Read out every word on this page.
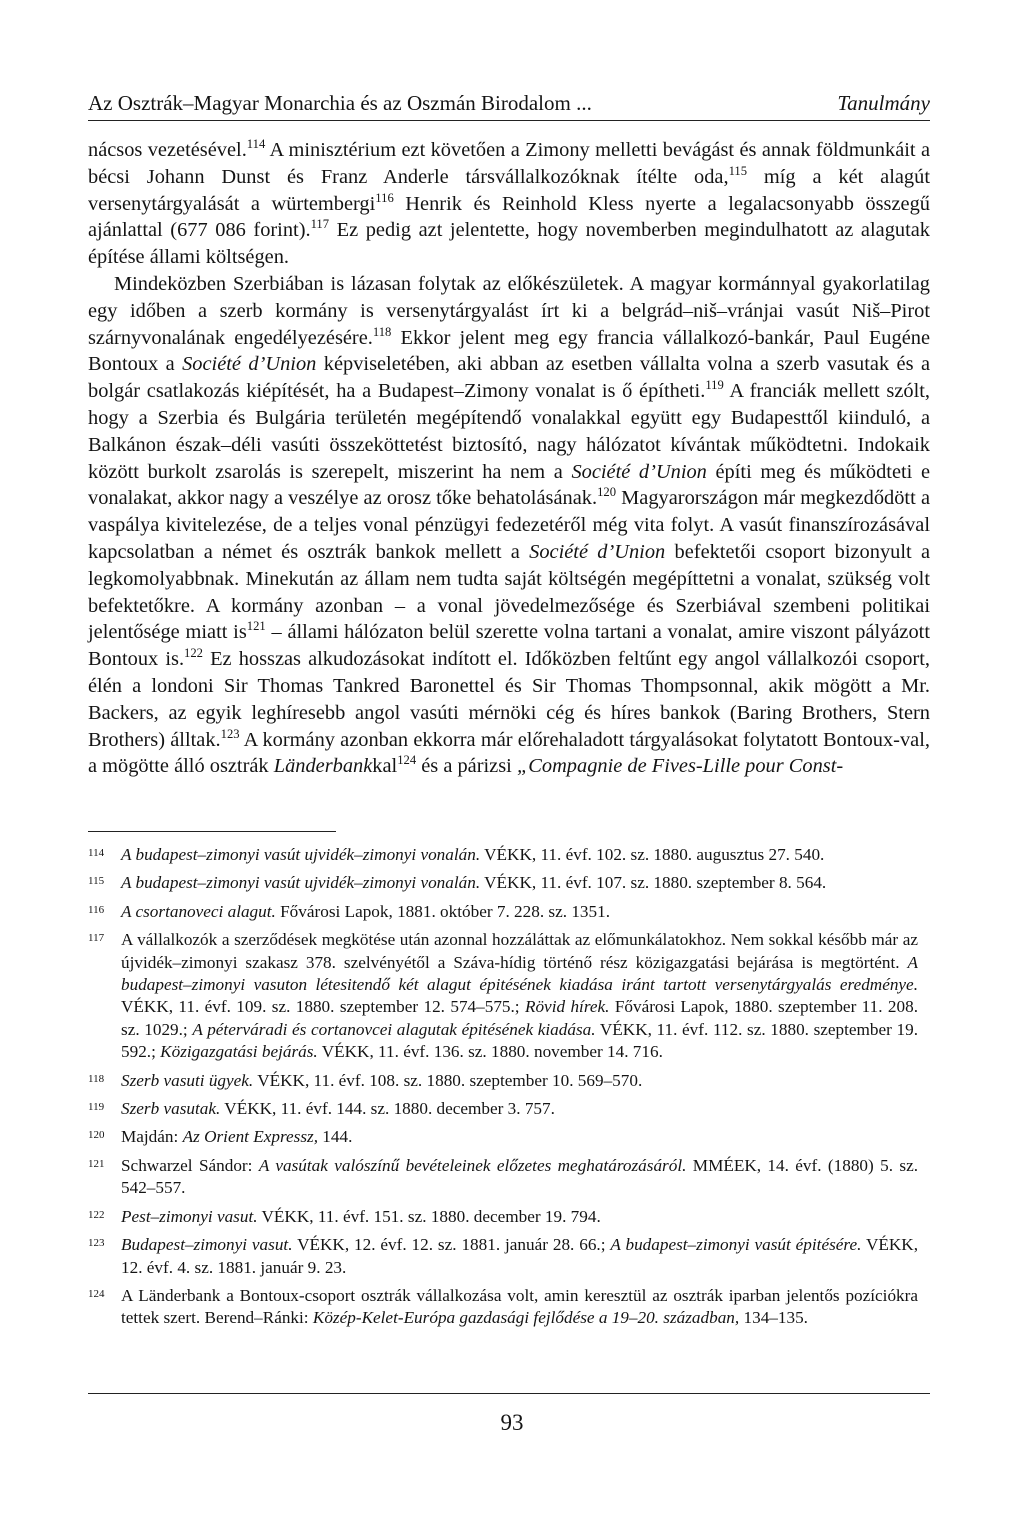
Az Osztrák–Magyar Monarchia és az Oszmán Birodalom ...	Tanulmány

nácsos vezetésével.$^{114}$ A minisztérium ezt követően a Zimony melletti bevágást és annak földmunkáit a bécsi Johann Dunst és Franz Anderle társvállalkozóknak ítélte oda,$^{115}$ míg a két alagút versenytárgyalását a würtembergi$^{116}$ Henrik és Reinhold Kless nyerte a legalacsonyabb összegű ajánlattal (677 086 forint).$^{117}$ Ez pedig azt jelentette, hogy novemberben megindulhatott az alagutak építése állami költségen.

Mindeközben Szerbiában is lázasan folytak az előkészületek. A magyar kormánnyal gyakorlatilag egy időben a szerb kormány is versenytárgyalást írt ki a belgrád–niš–vránjai vasút Niš–Pirot szárnyvonalának engedélyezésére.$^{118}$ Ekkor jelent meg egy francia vállalkozó-bankár, Paul Eugéne Bontoux a Société d’Union képviseletében, aki abban az esetben vállalta volna a szerb vasutak és a bolgár csatlakozás kiépítését, ha a Budapest–Zimony vonalat is ő építheti.$^{119}$ A franciák mellett szólt, hogy a Szerbia és Bulgária területén megépítendő vonalakkal együtt egy Budapesttől kiinduló, a Balkánon észak–déli vasúti összeköttetést biztosító, nagy hálózatot kívántak működtetni. Indokaik között burkolt zsarolás is szerepelt, miszerint ha nem a Société d’Union építi meg és működteti e vonalakat, akkor nagy a veszélye az orosz tőke behatolásának.$^{120}$ Magyarországon már megkezdődött a vaspálya kivitelezése, de a teljes vonal pénzügyi fedezetéről még vita folyt. A vasút finanszírozásával kapcsolatban a német és osztrák bankok mellett a Société d’Union befektetői csoport bizonyult a legkomolyabbnak. Minekután az állam nem tudta saját költségén megépíttetni a vonalat, szükség volt befektetőkre. A kormány azonban – a vonal jövedelmezősége és Szerbiával szembeni politikai jelentősége miatt $is^{121}$ – állami hálózaton belül szerette volna tartani a vonalat, amire viszont pályázott Bontoux is.$^{122}$ Ez hosszas alkudozásokat indított el. Időközben feltűnt egy angol vállalkozói csoport, élén a londoni Sir Thomas Tankred Baronettel és Sir Thomas Thompsonnal, akik mögött a Mr. Backers, az egyik leghíresebb angol vasúti mérnöki cég és híres bankok (Baring Brothers, Stern Brothers) álltak.$^{123}$ A kormány azonban ekkorra már előrehaladott tárgyalásokat folytatott Bontoux-val, a mögötte álló osztrák Länderbankkal$^{124}$ és a párizsi „Compagnie de Fives-Lille pour Const-

114 A budapest–zimonyi vasút ujvidék–zimonyi vonalán. VÉKK, 11. évf. 102. sz. 1880. augusztus 27. 540.
115 A budapest–zimonyi vasút ujvidék–zimonyi vonalán. VÉKK, 11. évf. 107. sz. 1880. szeptember 8. 564.
116 A csortanoveci alagut. Fővárosi Lapok, 1881. október 7. 228. sz. 1351.
117 A vállalkozók a szerződések megkötése után azonnal hozzáláttak az előmunkálatokhoz. Nem sokkal később már az újvidék–zimonyi szakasz 378. szelvényétől a Száva-hídig történő rész közigazgatási bejárása is megtörtént. A budapest–zimonyi vasuton létesitendő két alagut épitésének kiadása iránt tartott versenytárgyalás eredménye. VÉKK, 11. évf. 109. sz. 1880. szeptember 12. 574–575.; Rövid hírek. Fővárosi Lapok, 1880. szeptember 11. 208. sz. 1029.; A péterváradi és cortanovcei alagutak épitésének kiadása. VÉKK, 11. évf. 112. sz. 1880. szeptember 19. 592.; Közigazgatási bejárás. VÉKK, 11. évf. 136. sz. 1880. november 14. 716.
118 Szerb vasuti ügyek. VÉKK, 11. évf. 108. sz. 1880. szeptember 10. 569–570.
119 Szerb vasutak. VÉKK, 11. évf. 144. sz. 1880. december 3. 757.
120 Majdán: Az Orient Expressz, 144.
121 Schwarzel Sándor: A vasútak valószínű bevételeinek előzetes meghatározásáról. MMÉEK, 14. évf. (1880) 5. sz. 542–557.
122 Pest–zimonyi vasut. VÉKK, 11. évf. 151. sz. 1880. december 19. 794.
123 Budapest–zimonyi vasut. VÉKK, 12. évf. 12. sz. 1881. január 28. 66.; A budapest–zimonyi vasút épitésére. VÉKK, 12. évf. 4. sz. 1881. január 9. 23.
124 A Länderbank a Bontoux-csoport osztrák vállalkozása volt, amin keresztül az osztrák iparban jelentős pozíciókra tettek szert. Berend–Ránki: Közép-Kelet-Európa gazdasági fejlődése a 19–20. században, 134–135.
93
